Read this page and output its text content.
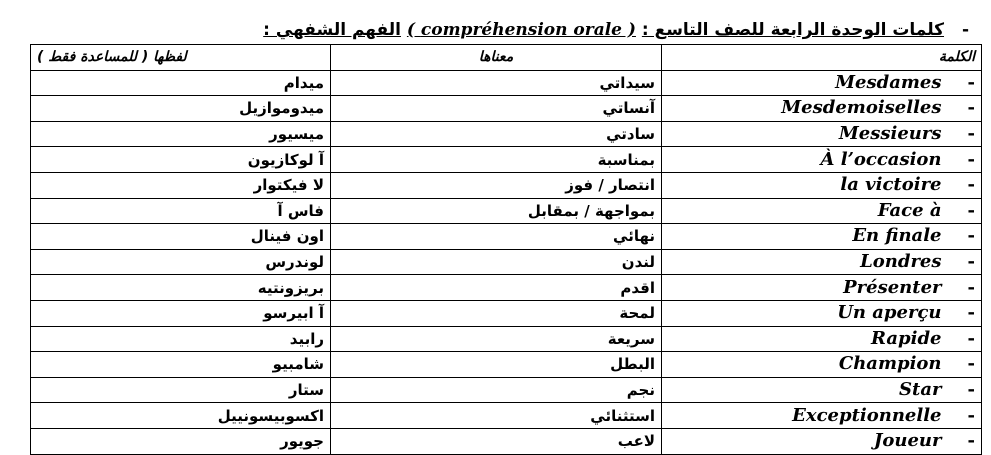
- كلمات الوحدة الرابعة للصف التاسع : ( compréhension orale ) الفهم الشفهي :
لفظها ( للمساعدة فقط )	معناها	الكلمة
ميدام	سيداتي	Mesdames -
ميدوموازيل	آنساتي	Mesdemoiselles -
ميسيور	سادتي	Messieurs -
آ لوكازيون	بمناسبة	À l’occasion -
لا فيكتوار	انتصار / فوز	la victoire -
فاس آ	بمواجهة / بمقابل	Face à -
اون فينال	نهائي	En finale -
لوندرس	لندن	Londres -
بريزونتيه	اقدم	Présenter -
آ ابيرسو	لمحة	Un aperçu -
رابيد	سريعة	Rapide -
شامبيو	البطل	Champion -
ستار	نجم	Star -
اكسوبيسونييل	استثنائي	Exceptionnelle -
جويور	لاعب	Joueur -
